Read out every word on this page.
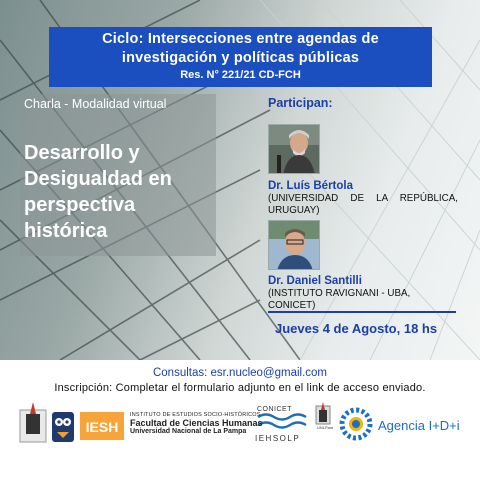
Ciclo: Intersecciones entre agendas de
investigación y políticas públicas
Res. N° 221/21 CD-FCH
Charla - Modalidad virtual
Desarrollo y
Desigualdad en
perspectiva
histórica
Participan:
Dr. Luís Bértola
(UNIVERSIDAD DE LA REPÚBLICA, URUGUAY)
Dr. Daniel Santilli
(INSTITUTO RAVIGNANI - UBA, CONICET)
Jueves 4 de Agosto, 18 hs
Consultas: esr.nucleo@gmail.com
Inscripción: Completar el formulario adjunto en el link de acceso enviado.
IESH
INSTITUTO DE ESTUDIOS SOCIO-HISTÓRICOS
Facultad de Ciencias Humanas
Universidad Nacional de La Pampa
CONICET
IEHSOLP
UNLPam	Agencia I+D+i
